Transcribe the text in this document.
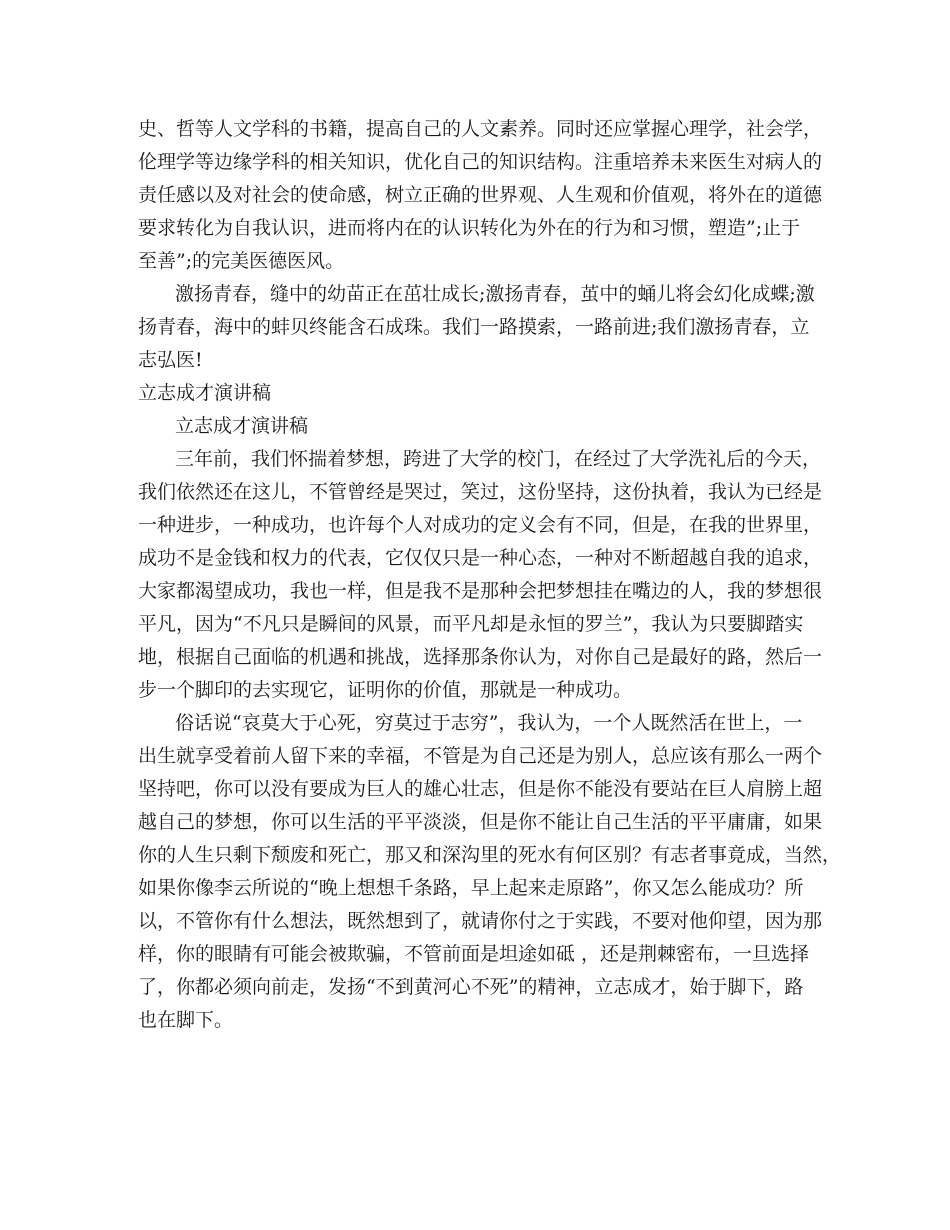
史、哲等人文学科的书籍，提高自己的人文素养。同时还应掌握心理学，社会学，
伦理学等边缘学科的相关知识，优化自己的知识结构。注重培养未来医生对病人的
责任感以及对社会的使命感，树立正确的世界观、人生观和价值观，将外在的道德
要求转化为自我认识，进而将内在的认识转化为外在的行为和习惯，塑造”;止于
至善”;的完美医德医风。
激扬青春，缝中的幼苗正在茁壮成长;激扬青春，茧中的蛹儿将会幻化成蝶;激
扬青春，海中的蚌贝终能含石成珠。我们一路摸索，一路前进;我们激扬青春，立
志弘医!
立志成才演讲稿
立志成才演讲稿
三年前，我们怀揣着梦想，跨进了大学的校门，在经过了大学洗礼后的今天，
我们依然还在这儿，不管曾经是哭过，笑过，这份坚持，这份执着，我认为已经是
一种进步，一种成功，也许每个人对成功的定义会有不同，但是，在我的世界里，
成功不是金钱和权力的代表，它仅仅只是一种心态，一种对不断超越自我的追求，
大家都渴望成功，我也一样，但是我不是那种会把梦想挂在嘴边的人，我的梦想很
平凡，因为“不凡只是瞬间的风景，而平凡却是永恒的罗兰”，我认为只要脚踏实
地，根据自己面临的机遇和挑战，选择那条你认为，对你自己是最好的路，然后一
步一个脚印的去实现它，证明你的价值，那就是一种成功。
俗话说“哀莫大于心死，穷莫过于志穷”，我认为，一个人既然活在世上，一
出生就享受着前人留下来的幸福，不管是为自己还是为别人，总应该有那么一两个
坚持吧，你可以没有要成为巨人的雄心壮志，但是你不能没有要站在巨人肩膀上超
越自己的梦想，你可以生活的平平淡淡，但是你不能让自己生活的平平庸庸，如果
你的人生只剩下颓废和死亡，那又和深沟里的死水有何区别？有志者事竟成，当然，
如果你像李云所说的“晚上想想千条路，早上起来走原路”，你又怎么能成功？所
以，不管你有什么想法，既然想到了，就请你付之于实践，不要对他仰望，因为那
样，你的眼睛有可能会被欺骗，不管前面是坦途如砥 ，还是荆棘密布，一旦选择
了，你都必须向前走，发扬“不到黄河心不死”的精神，立志成才，始于脚下，路
也在脚下。
